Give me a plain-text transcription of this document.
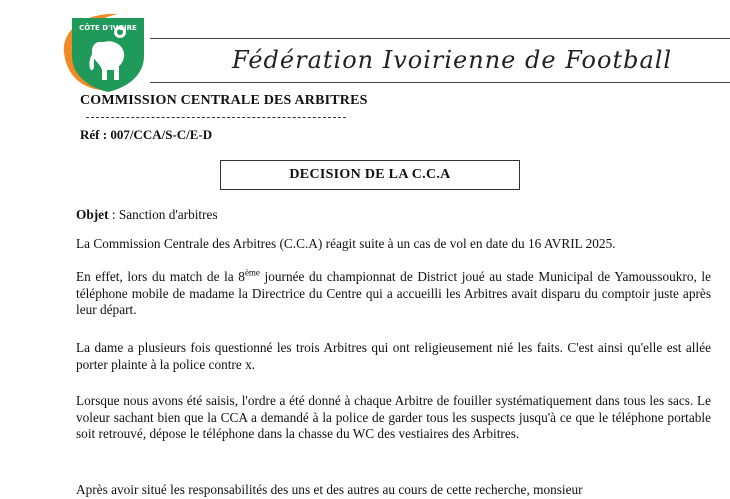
CÔTE D'IVOIRE
Fédération Ivoirienne de Football
COMMISSION CENTRALE DES ARBITRES
Réf : 007/CCA/S-C/E-D
DECISION DE LA C.C.A

Objet : Sanction d'arbitres

La Commission Centrale des Arbitres (C.C.A) réagit suite à un cas de vol en date du 16 AVRIL 2025.

En effet, lors du match de la 8ème journée du championnat de District joué au stade Municipal de Yamoussoukro, le téléphone mobile de madame la Directrice du Centre qui a accueilli les Arbitres avait disparu du comptoir juste après leur départ.

La dame a plusieurs fois questionné les trois Arbitres qui ont religieusement nié les faits. C'est ainsi qu'elle est allée porter plainte à la police contre x.

Lorsque nous avons été saisis, l'ordre a été donné à chaque Arbitre de fouiller systématiquement dans tous les sacs. Le voleur sachant bien que la CCA a demandé à la police de garder tous les suspects jusqu'à ce que le téléphone portable soit retrouvé, dépose le téléphone dans la chasse du WC des vestiaires des Arbitres.

Après avoir situé les responsabilités des uns et des autres au cours de cette recherche, monsieur
